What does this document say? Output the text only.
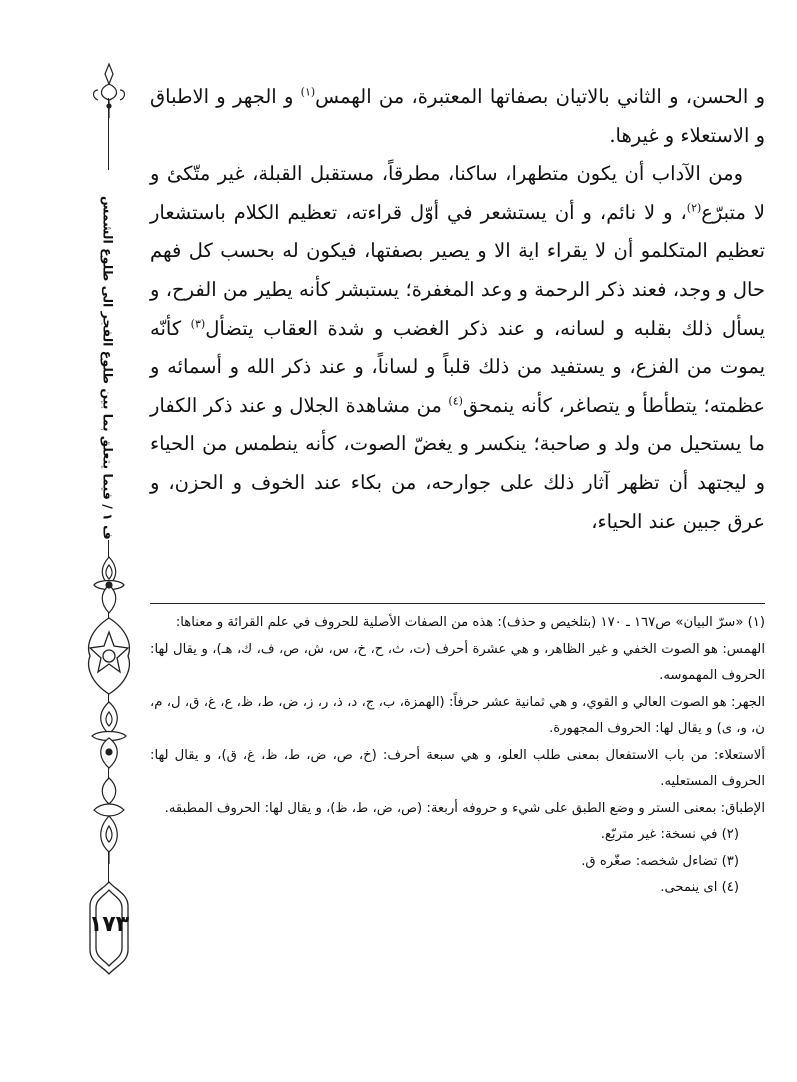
ف ١ / فيما يتعلق بما بين طلوع الفجر الى طلوع الشمس
١٧٣

و الحسن، و الثاني بالاتيان بصفاتها المعتبرة، من الهمس$^{(١)}$ و الجهر و الاطباق و الاستعلاء و غيرها.

ومن الآداب أن يكون متطهرا، ساكنا، مطرقاً، مستقبل القبلة، غير متّكئ و لا متبرّع$^{(٢)}$، و لا نائم، و أن يستشعر في أوّل قراءته، تعظيم الكلام باستشعار تعظيم المتكلمو أن لا يقراء اية الا و يصير بصفتها، فيكون له بحسب كل فهم حال و وجد، فعند ذكر الرحمة و وعد المغفرة؛ يستبشر كأنه يطير من الفرح، و يسأل ذلك بقلبه و لسانه، و عند ذكر الغضب و شدة العقاب يتضأل$^{(٣)}$ كأنّه يموت من الفزع، و يستفيد من ذلك قلباً و لساناً، و عند ذكر الله و أسمائه و عظمته؛ يتطأطأ و يتصاغر، كأنه ينمحق$^{(٤)}$ من مشاهدة الجلال و عند ذكر الكفار ما يستحيل من ولد و صاحبة؛ ينكسر و يغضّ الصوت، كأنه ينطمس من الحياء و ليجتهد أن تظهر آثار ذلك على جوارحه، من بكاء عند الخوف و الحزن، و عرق جبين عند الحياء،

(١) «سرّ البيان» ص١٦٧ ـ ١٧٠ (بتلخيص و حذف): هذه من الصفات الأصلية للحروف في علم القرائة و معناها:

الهمس: هو الصوت الخفي و غير الظاهر، و هي عشرة أحرف (ت، ث، ح، خ، س، ش، ص، ف، ك، هـ)، و يقال لها: الحروف المهموسه.

الجهر: هو الصوت العالي و القوي، و هي ثمانية عشر حرفاً: (الهمزة، ب، ج، د، ذ، ر، ز، ض، ط، ظ، ع، غ، ق، ل، م، ن، و، ى) و يقال لها: الحروف المجهورة.

ألاستعلاء: من باب الاستفعال بمعنى طلب العلو، و هي سبعة أحرف: (خ، ص، ض، ط، ظ، غ، ق)، و يقال لها: الحروف المستعليه.

الإطباق: بمعنى الستر و وضع الطبق على شيء و حروفه أربعة: (ص، ض، ط، ظ)، و يقال لها: الحروف المطبقه.

(٢) في نسخة: غير متربّع.

(٣) تضاءل شخصه: صغّره ق.

(٤) اى ينمحى.
